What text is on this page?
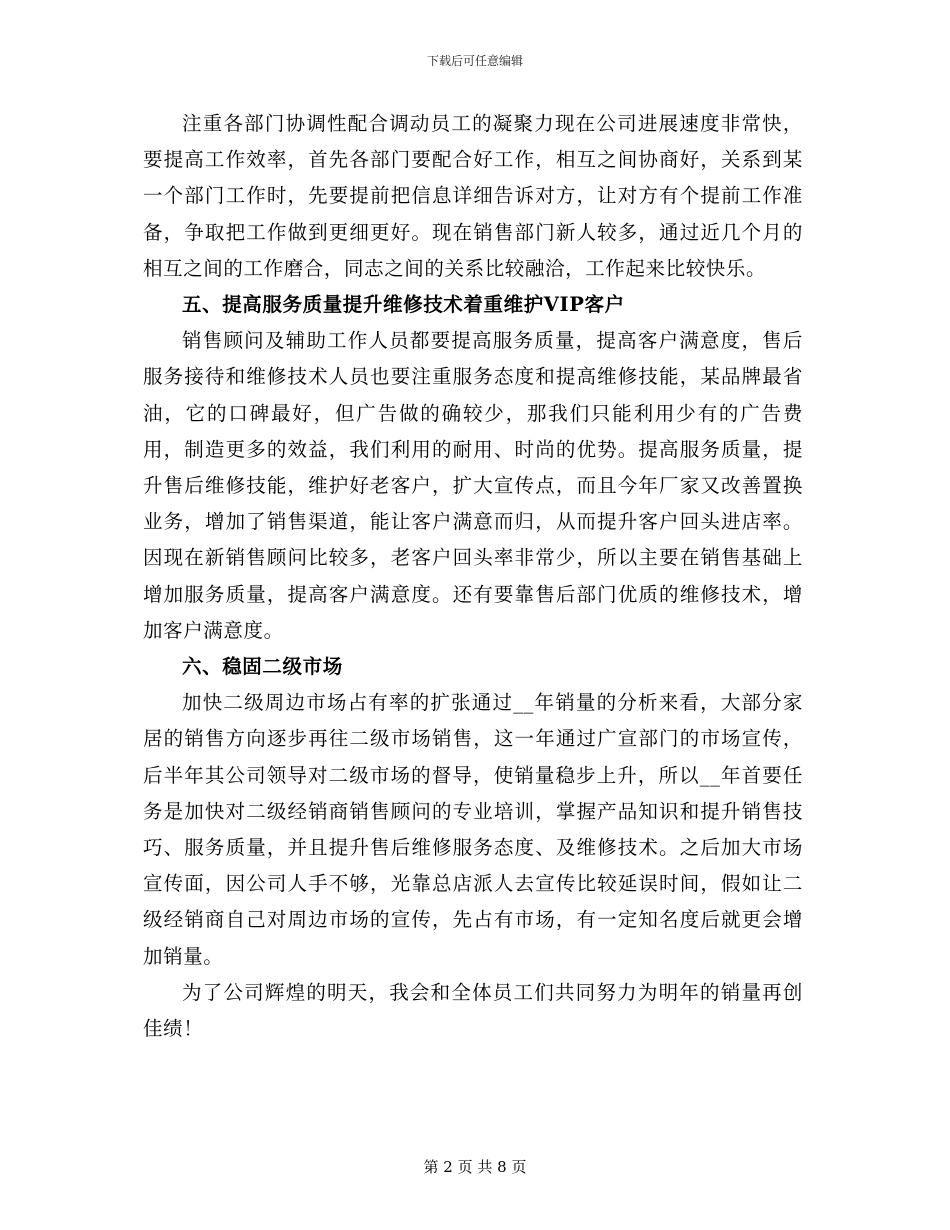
下载后可任意编辑

注重各部门协调性配合调动员工的凝聚力现在公司进展速度非常快，要提高工作效率，首先各部门要配合好工作，相互之间协商好，关系到某一个部门工作时，先要提前把信息详细告诉对方，让对方有个提前工作准备，争取把工作做到更细更好。现在销售部门新人较多，通过近几个月的相互之间的工作磨合，同志之间的关系比较融洽，工作起来比较快乐。

五、提高服务质量提升维修技术着重维护VIP客户

销售顾问及辅助工作人员都要提高服务质量，提高客户满意度，售后服务接待和维修技术人员也要注重服务态度和提高维修技能，某品牌最省油，它的口碑最好，但广告做的确较少，那我们只能利用少有的广告费用，制造更多的效益，我们利用的耐用、时尚的优势。提高服务质量，提升售后维修技能，维护好老客户，扩大宣传点，而且今年厂家又改善置换业务，增加了销售渠道，能让客户满意而归，从而提升客户回头进店率。因现在新销售顾问比较多，老客户回头率非常少，所以主要在销售基础上增加服务质量，提高客户满意度。还有要靠售后部门优质的维修技术，增加客户满意度。

六、稳固二级市场

加快二级周边市场占有率的扩张通过__年销量的分析来看，大部分家居的销售方向逐步再往二级市场销售，这一年通过广宣部门的市场宣传，后半年其公司领导对二级市场的督导，使销量稳步上升，所以__年首要任务是加快对二级经销商销售顾问的专业培训，掌握产品知识和提升销售技巧、服务质量，并且提升售后维修服务态度、及维修技术。之后加大市场宣传面，因公司人手不够，光靠总店派人去宣传比较延误时间，假如让二级经销商自己对周边市场的宣传，先占有市场，有一定知名度后就更会增加销量。

为了公司辉煌的明天，我会和全体员工们共同努力为明年的销量再创佳绩！

第 2 页 共 8 页
